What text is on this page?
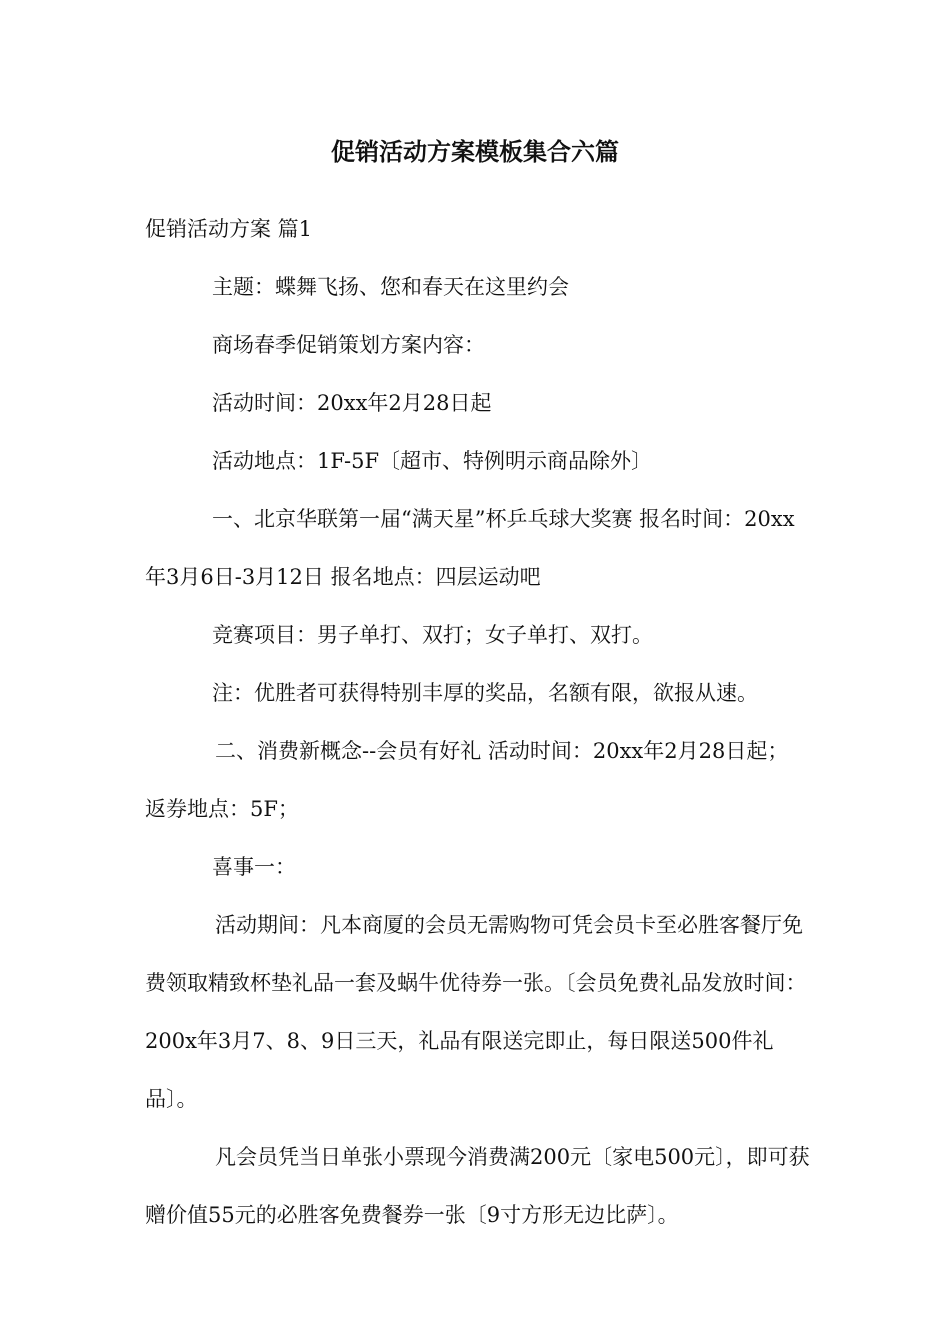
促销活动方案模板集合六篇

促销活动方案 篇1

主题：蝶舞飞扬、您和春天在这里约会

商场春季促销策划方案内容：

活动时间：20xx年2月28日起

活动地点：1F-5F〔超市、特例明示商品除外〕

一、北京华联第一届“满天星”杯乒乓球大奖赛 报名时间：20xx年3月6日-3月12日 报名地点：四层运动吧

竞赛项目：男子单打、双打；女子单打、双打。

注：优胜者可获得特别丰厚的奖品，名额有限，欲报从速。

二、消费新概念--会员有好礼 活动时间：20xx年2月28日起； 返券地点：5F；

喜事一：

活动期间：凡本商厦的会员无需购物可凭会员卡至必胜客餐厅免费领取精致杯垫礼品一套及蜗牛优待券一张。〔会员免费礼品发放时间：200x年3月7、8、9日三天，礼品有限送完即止，每日限送500件礼品〕。

凡会员凭当日单张小票现今消费满200元〔家电500元〕，即可获赠价值55元的必胜客免费餐券一张〔9寸方形无边比萨〕。
